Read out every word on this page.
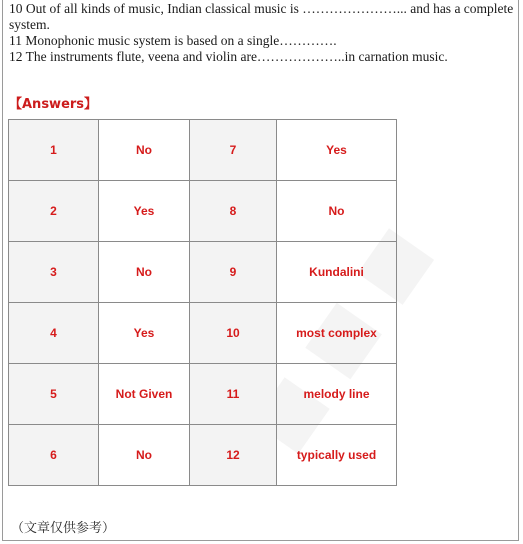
10 Out of all kinds of music, Indian classical music is …………………... and has a complete

system.

11 Monophonic music system is based on a single………….

12 The instruments flute, veena and violin are………………..in carnation music.

【Answers】
1	No	7	Yes
2	Yes	8	No
3	No	9	Kundalini
4	Yes	10	most complex
5	Not Given	11	melody line
6	No	12	typically used
（文章仅供参考）
